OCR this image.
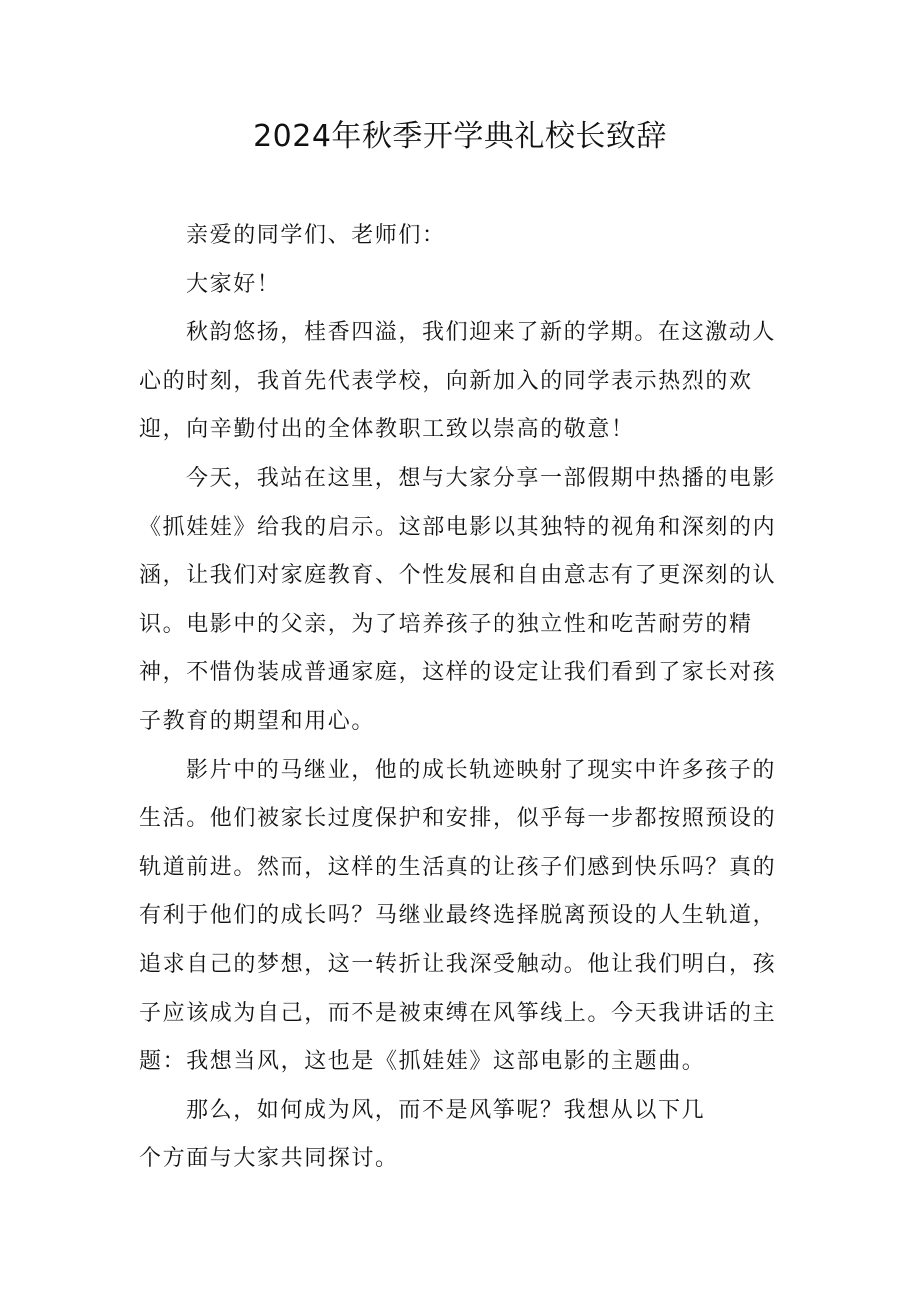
2024年秋季开学典礼校长致辞

亲爱的同学们、老师们：

大家好！

秋韵悠扬，桂香四溢，我们迎来了新的学期。在这激动人心的时刻，我首先代表学校，向新加入的同学表示热烈的欢迎，向辛勤付出的全体教职工致以崇高的敬意！

今天，我站在这里，想与大家分享一部假期中热播的电影《抓娃娃》给我的启示。这部电影以其独特的视角和深刻的内涵，让我们对家庭教育、个性发展和自由意志有了更深刻的认识。电影中的父亲，为了培养孩子的独立性和吃苦耐劳的精神，不惜伪装成普通家庭，这样的设定让我们看到了家长对孩子教育的期望和用心。

影片中的马继业，他的成长轨迹映射了现实中许多孩子的生活。他们被家长过度保护和安排，似乎每一步都按照预设的轨道前进。然而，这样的生活真的让孩子们感到快乐吗？真的有利于他们的成长吗？马继业最终选择脱离预设的人生轨道，追求自己的梦想，这一转折让我深受触动。他让我们明白，孩子应该成为自己，而不是被束缚在风筝线上。今天我讲话的主题：我想当风，这也是《抓娃娃》这部电影的主题曲。

那么，如何成为风，而不是风筝呢？我想从以下几个方面与大家共同探讨。
